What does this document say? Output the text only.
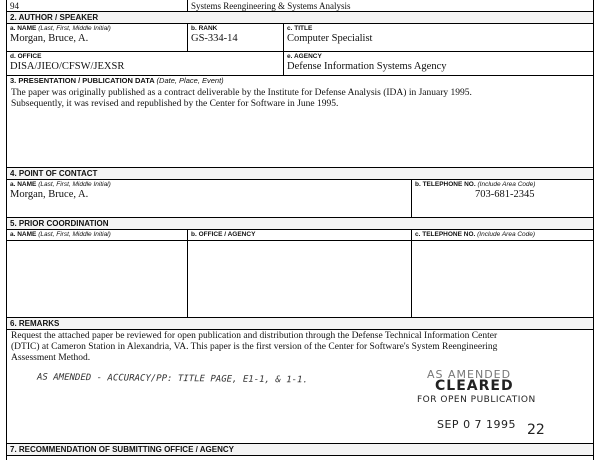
94	Systems Reengineering & Systems Analysis
2. AUTHOR / SPEAKER
a. NAME (Last, First, Middle Initial)
Morgan, Bruce, A.
b. RANK
GS-334-14
c. TITLE
Computer Specialist
d. OFFICE
DISA/JIEO/CFSW/JEXSR
e. AGENCY
Defense Information Systems Agency
3. PRESENTATION / PUBLICATION DATA (Date, Place, Event)
The paper was originally published as a contract deliverable by the Institute for Defense Analysis (IDA) in January 1995.
Subsequently, it was revised and republished by the Center for Software in June 1995.
4. POINT OF CONTACT
a. NAME (Last, First, Middle Initial)
Morgan, Bruce, A.
b. TELEPHONE NO. (Include Area Code)
703-681-2345
5. PRIOR COORDINATION
a. NAME (Last, First, Middle Initial)	b. OFFICE / AGENCY	c. TELEPHONE NO. (Include Area Code)
6. REMARKS
Request the attached paper be reviewed for open publication and distribution through the Defense Technical Information Center
(DTIC) at Cameron Station in Alexandria, VA. This paper is the first version of the Center for Software's System Reengineering
Assessment Method.
AS AMENDED - ACCURACY/PP: TITLE PAGE, E1-1, & 1-1.	AS AMENDED
CLEARED
FOR OPEN PUBLICATION
SEP 0 7 1995 22
7. RECOMMENDATION OF SUBMITTING OFFICE / AGENCY
